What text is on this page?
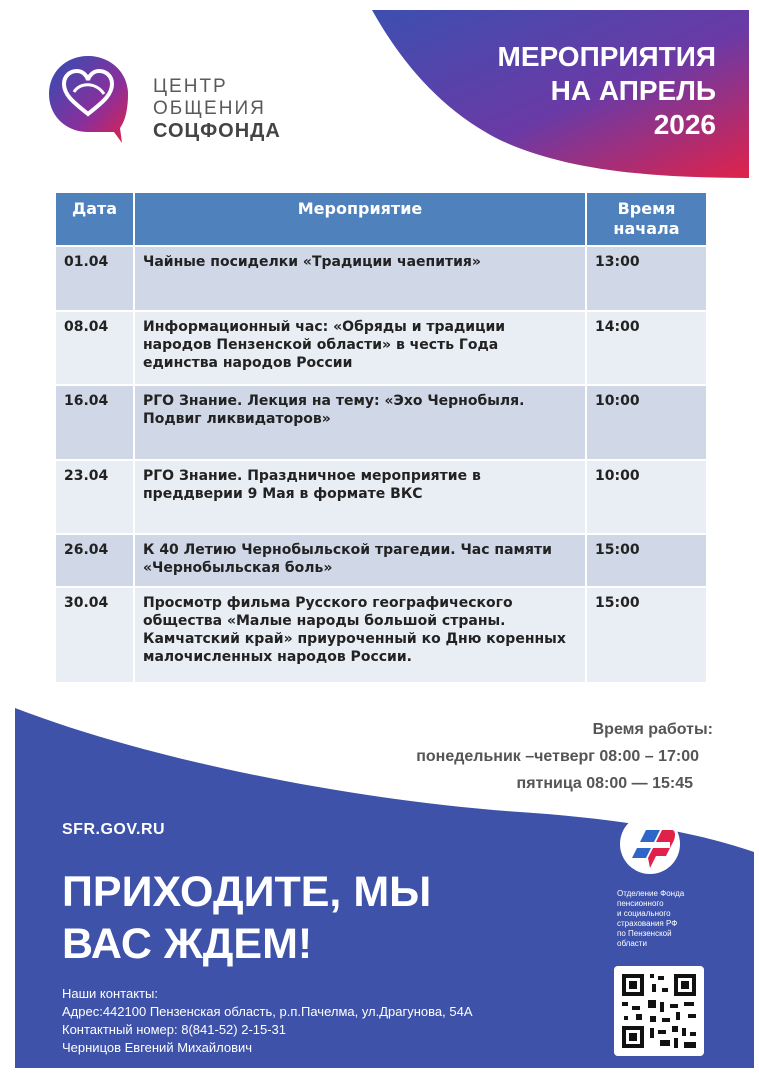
ЦЕНТР
ОБЩЕНИЯ
СОЦФОНДА
МЕРОПРИЯТИЯ
НА АПРЕЛЬ
2026
Дата	Мероприятие	Время начала
01.04	Чайные посиделки «Традиции чаепития»	13:00
08.04	Информационный час: «Обряды и традиции народов Пензенской области» в честь Года единства народов России	14:00
16.04	РГО Знание. Лекция на тему: «Эхо Чернобыля. Подвиг ликвидаторов»	10:00
23.04	РГО Знание. Праздничное мероприятие в преддверии 9 Мая в формате ВКС	10:00
26.04	К 40 Летию Чернобыльской трагедии. Час памяти «Чернобыльская боль»	15:00
30.04	Просмотр фильма Русского географического общества «Малые народы большой страны. Камчатский край» приуроченный ко Дню коренных малочисленных народов России.	15:00
Время работы:
понедельник –четверг 08:00 – 17:00
пятница 08:00 — 15:45
SFR.GOV.RU
ПРИХОДИТЕ, МЫ
ВАС ЖДЕМ!
Наши контакты:
Адрес:442100 Пензенская область, р.п.Пачелма, ул.Драгунова, 54А
Контактный номер: 8(841-52) 2-15-31
Черницов Евгений Михайлович
Отделение Фонда
пенсионного
и социального
страхования РФ
по Пензенской
области
